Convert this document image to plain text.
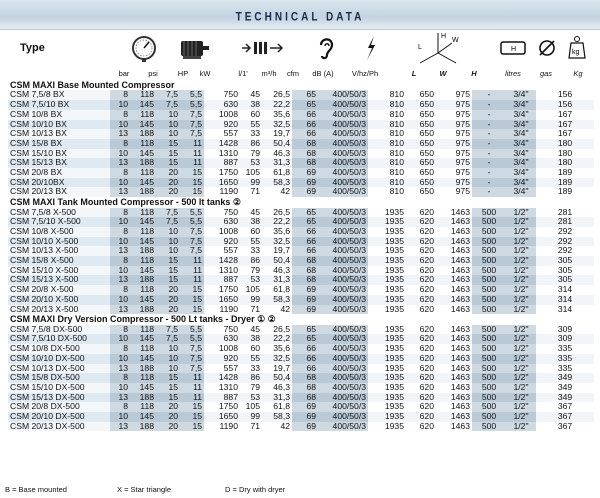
TECHNICAL DATA
Type	L
W
H
H	kg
bar	psi	HP	kW	l/1'	m³/h	cfm	dB (A)	V/hz/Ph	L	W	H	litres	gas	Kg
CSM MAXI Base Mounted Compressor															
CSM 7,5/8 BX	8	118	7,5	5,5	750	45	26,5	65	400/50/3	810	650	975	-	3/4"	156
CSM 7,5/10 BX	10	145	7,5	5,5	630	38	22,2	65	400/50/3	810	650	975	-	3/4"	156
CSM 10/8 BX	8	118	10	7,5	1008	60	35,6	66	400/50/3	810	650	975	-	3/4"	167
CSM 10/10 BX	10	145	10	7,5	920	55	32,5	66	400/50/3	810	650	975	-	3/4"	167
CSM 10/13 BX	13	188	10	7,5	557	33	19,7	66	400/50/3	810	650	975	-	3/4"	167
CSM 15/8 BX	8	118	15	11	1428	86	50,4	68	400/50/3	810	650	975	-	3/4"	180
CSM 15/10 BX	10	145	15	11	1310	79	46,3	68	400/50/3	810	650	975	-	3/4"	180
CSM 15/13 BX	13	188	15	11	887	53	31,3	68	400/50/3	810	650	975	-	3/4"	180
CSM 20/8 BX	8	118	20	15	1750	105	61,8	69	400/50/3	810	650	975	-	3/4"	189
CSM 20/10BX	10	145	20	15	1650	99	58,3	69	400/50/3	810	650	975	-	3/4"	189
CSM 20/13 BX	13	188	20	15	1190	71	42	69	400/50/3	810	650	975	-	3/4"	189
CSM MAXI Tank Mounted Compressor - 500 lt tanks ②															
CSM 7,5/8 X-500	8	118	7,5	5,5	750	45	26,5	65	400/50/3	1935	620	1463	500	1/2"	281
CSM 7,5/10 X-500	10	145	7,5	5,5	630	38	22,2	65	400/50/3	1935	620	1463	500	1/2"	281
CSM 10/8 X-500	8	118	10	7,5	1008	60	35,6	66	400/50/3	1935	620	1463	500	1/2"	292
CSM 10/10 X-500	10	145	10	7,5	920	55	32,5	66	400/50/3	1935	620	1463	500	1/2"	292
CSM 10/13 X-500	13	188	10	7,5	557	33	19,7	66	400/50/3	1935	620	1463	500	1/2"	292
CSM 15/8 X-500	8	118	15	11	1428	86	50,4	68	400/50/3	1935	620	1463	500	1/2"	305
CSM 15/10 X-500	10	145	15	11	1310	79	46,3	68	400/50/3	1935	620	1463	500	1/2"	305
CSM 15/13 X-500	13	188	15	11	887	53	31,3	68	400/50/3	1935	620	1463	500	1/2"	305
CSM 20/8 X-500	8	118	20	15	1750	105	61,8	69	400/50/3	1935	620	1463	500	1/2"	314
CSM 20/10 X-500	10	145	20	15	1650	99	58,3	69	400/50/3	1935	620	1463	500	1/2"	314
CSM 20/13 X-500	13	188	20	15	1190	71	42	69	400/50/3	1935	620	1463	500	1/2"	314
CSM MAXI Dry Version Compressor - 500 Lt tanks - Dryer ① ②															
CSM 7,5/8 DX-500	8	118	7,5	5,5	750	45	26,5	65	400/50/3	1935	620	1463	500	1/2"	309
CSM 7,5/10 DX-500	10	145	7,5	5,5	630	38	22,2	65	400/50/3	1935	620	1463	500	1/2"	309
CSM 10/8 DX-500	8	118	10	7,5	1008	60	35,6	66	400/50/3	1935	620	1463	500	1/2"	335
CSM 10/10 DX-500	10	145	10	7,5	920	55	32,5	66	400/50/3	1935	620	1463	500	1/2"	335
CSM 10/13 DX-500	13	188	10	7,5	557	33	19,7	66	400/50/3	1935	620	1463	500	1/2"	335
CSM 15/8 DX-500	8	118	15	11	1428	86	50,4	68	400/50/3	1935	620	1463	500	1/2"	349
CSM 15/10 DX-500	10	145	15	11	1310	79	46,3	68	400/50/3	1935	620	1463	500	1/2"	349
CSM 15/13 DX-500	13	188	15	11	887	53	31,3	68	400/50/3	1935	620	1463	500	1/2"	349
CSM 20/8 DX-500	8	118	20	15	1750	105	61,8	69	400/50/3	1935	620	1463	500	1/2"	367
CSM 20/10 DX-500	10	145	20	15	1650	99	58,3	69	400/50/3	1935	620	1463	500	1/2"	367
CSM 20/13 DX-500	13	188	20	15	1190	71	42	69	400/50/3	1935	620	1463	500	1/2"	367
B = Base mounted	X = Star triangle	D = Dry with dryer
